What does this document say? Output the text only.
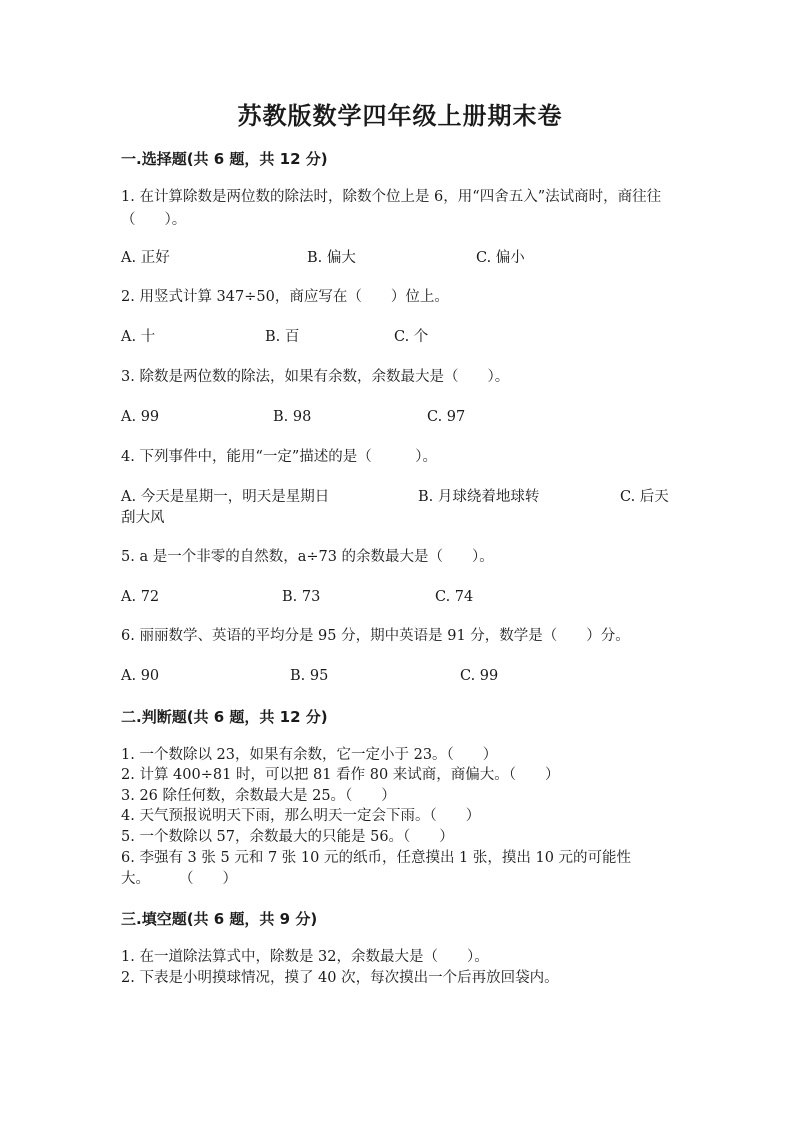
苏教版数学四年级上册期末卷
一.选择题(共 6 题，共 12 分)
1. 在计算除数是两位数的除法时，除数个位上是 6，用“四舍五入”法试商时，商往往（　　）。
A. 正好	B. 偏大	C. 偏小
2. 用竖式计算 347÷50，商应写在（　　）位上。
A. 十	B. 百	C. 个
3. 除数是两位数的除法，如果有余数，余数最大是（　　）。
A. 99	B. 98	C. 97
4. 下列事件中，能用“一定”描述的是（　　　）。
A. 今天是星期一，明天是星期日	B. 月球绕着地球转	C. 后天
刮大风
5. a 是一个非零的自然数，a÷73 的余数最大是（　　）。
A. 72	B. 73	C. 74
6. 丽丽数学、英语的平均分是 95 分，期中英语是 91 分，数学是（　　）分。
A. 90	B. 95	C. 99
二.判断题(共 6 题，共 12 分)
1. 一个数除以 23，如果有余数，它一定小于 23。（　　）
2. 计算 400÷81 时，可以把 81 看作 80 来试商，商偏大。（　　）
3. 26 除任何数，余数最大是 25。（　　）
4. 天气预报说明天下雨，那么明天一定会下雨。（　　）
5. 一个数除以 57，余数最大的只能是 56。（　　）
6. 李强有 3 张 5 元和 7 张 10 元的纸币，任意摸出 1 张，摸出 10 元的可能性
大。　　　（　　）
三.填空题(共 6 题，共 9 分)
1. 在一道除法算式中，除数是 32，余数最大是（　　）。
2. 下表是小明摸球情况，摸了 40 次，每次摸出一个后再放回袋内。
